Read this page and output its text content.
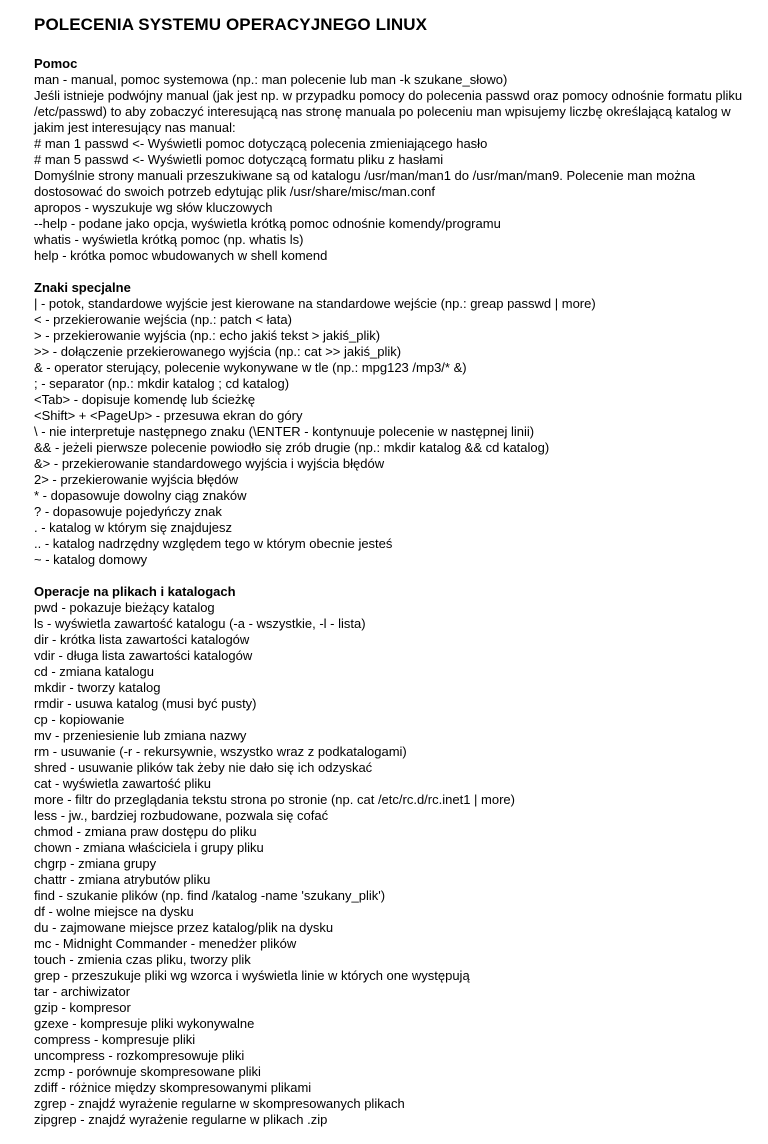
POLECENIA SYSTEMU OPERACYJNEGO LINUX

Pomoc

man - manual, pomoc systemowa (np.: man polecenie lub man -k szukane_słowo)

Jeśli istnieje podwójny manual (jak jest np. w przypadku pomocy do polecenia passwd oraz pomocy odnośnie formatu pliku /etc/passwd) to aby zobaczyć interesującą nas stronę manuala po poleceniu man wpisujemy liczbę określającą katalog w jakim jest interesujący nas manual:

# man 1 passwd <- Wyświetli pomoc dotyczącą polecenia zmieniającego hasło

# man 5 passwd <- Wyświetli pomoc dotyczącą formatu pliku z hasłami

Domyślnie strony manuali przeszukiwane są od katalogu /usr/man/man1 do /usr/man/man9. Polecenie man można dostosować do swoich potrzeb edytując plik /usr/share/misc/man.conf

apropos - wyszukuje wg słów kluczowych

--help - podane jako opcja, wyświetla krótką pomoc odnośnie komendy/programu

whatis - wyświetla krótką pomoc (np. whatis ls)

help - krótka pomoc wbudowanych w shell komend

Znaki specjalne

| - potok, standardowe wyjście jest kierowane na standardowe wejście (np.: greap passwd | more)

< - przekierowanie wejścia (np.: patch < łata)

> - przekierowanie wyjścia (np.: echo jakiś tekst > jakiś_plik)

>> - dołączenie przekierowanego wyjścia (np.: cat >> jakiś_plik)

& - operator sterujący, polecenie wykonywane w tle (np.: mpg123 /mp3/* &)

; - separator (np.: mkdir katalog ; cd katalog)

<Tab> - dopisuje komendę lub ścieżkę

<Shift> + <PageUp> - przesuwa ekran do góry

\ - nie interpretuje następnego znaku (\ENTER - kontynuuje polecenie w następnej linii)

&& - jeżeli pierwsze polecenie powiodło się zrób drugie (np.: mkdir katalog && cd katalog)

&> - przekierowanie standardowego wyjścia i wyjścia błędów

2> - przekierowanie wyjścia błędów

* - dopasowuje dowolny ciąg znaków

? - dopasowuje pojedyńczy znak

. - katalog w którym się znajdujesz

.. - katalog nadrzędny względem tego w którym obecnie jesteś

~ - katalog domowy

Operacje na plikach i katalogach

pwd - pokazuje bieżący katalog

ls - wyświetla zawartość katalogu (-a - wszystkie, -l - lista)

dir - krótka lista zawartości katalogów

vdir - długa lista zawartości katalogów

cd - zmiana katalogu

mkdir - tworzy katalog

rmdir - usuwa katalog (musi być pusty)

cp - kopiowanie

mv - przeniesienie lub zmiana nazwy

rm - usuwanie (-r - rekursywnie, wszystko wraz z podkatalogami)

shred - usuwanie plików tak żeby nie dało się ich odzyskać

cat - wyświetla zawartość pliku

more - filtr do przeglądania tekstu strona po stronie (np. cat /etc/rc.d/rc.inet1 | more)

less - jw., bardziej rozbudowane, pozwala się cofać

chmod - zmiana praw dostępu do pliku

chown - zmiana właściciela i grupy pliku

chgrp - zmiana grupy

chattr - zmiana atrybutów pliku

find - szukanie plików (np. find /katalog -name 'szukany_plik')

df - wolne miejsce na dysku

du - zajmowane miejsce przez katalog/plik na dysku

mc - Midnight Commander - menedżer plików

touch - zmienia czas pliku, tworzy plik

grep - przeszukuje pliki wg wzorca i wyświetla linie w których one występują

tar - archiwizator

gzip - kompresor

gzexe - kompresuje pliki wykonywalne

compress - kompresuje pliki

uncompress - rozkompresowuje pliki

zcmp - porównuje skompresowane pliki

zdiff - różnice między skompresowanymi plikami

zgrep - znajdź wyrażenie regularne w skompresowanych plikach

zipgrep - znajdź wyrażenie regularne w plikach .zip
